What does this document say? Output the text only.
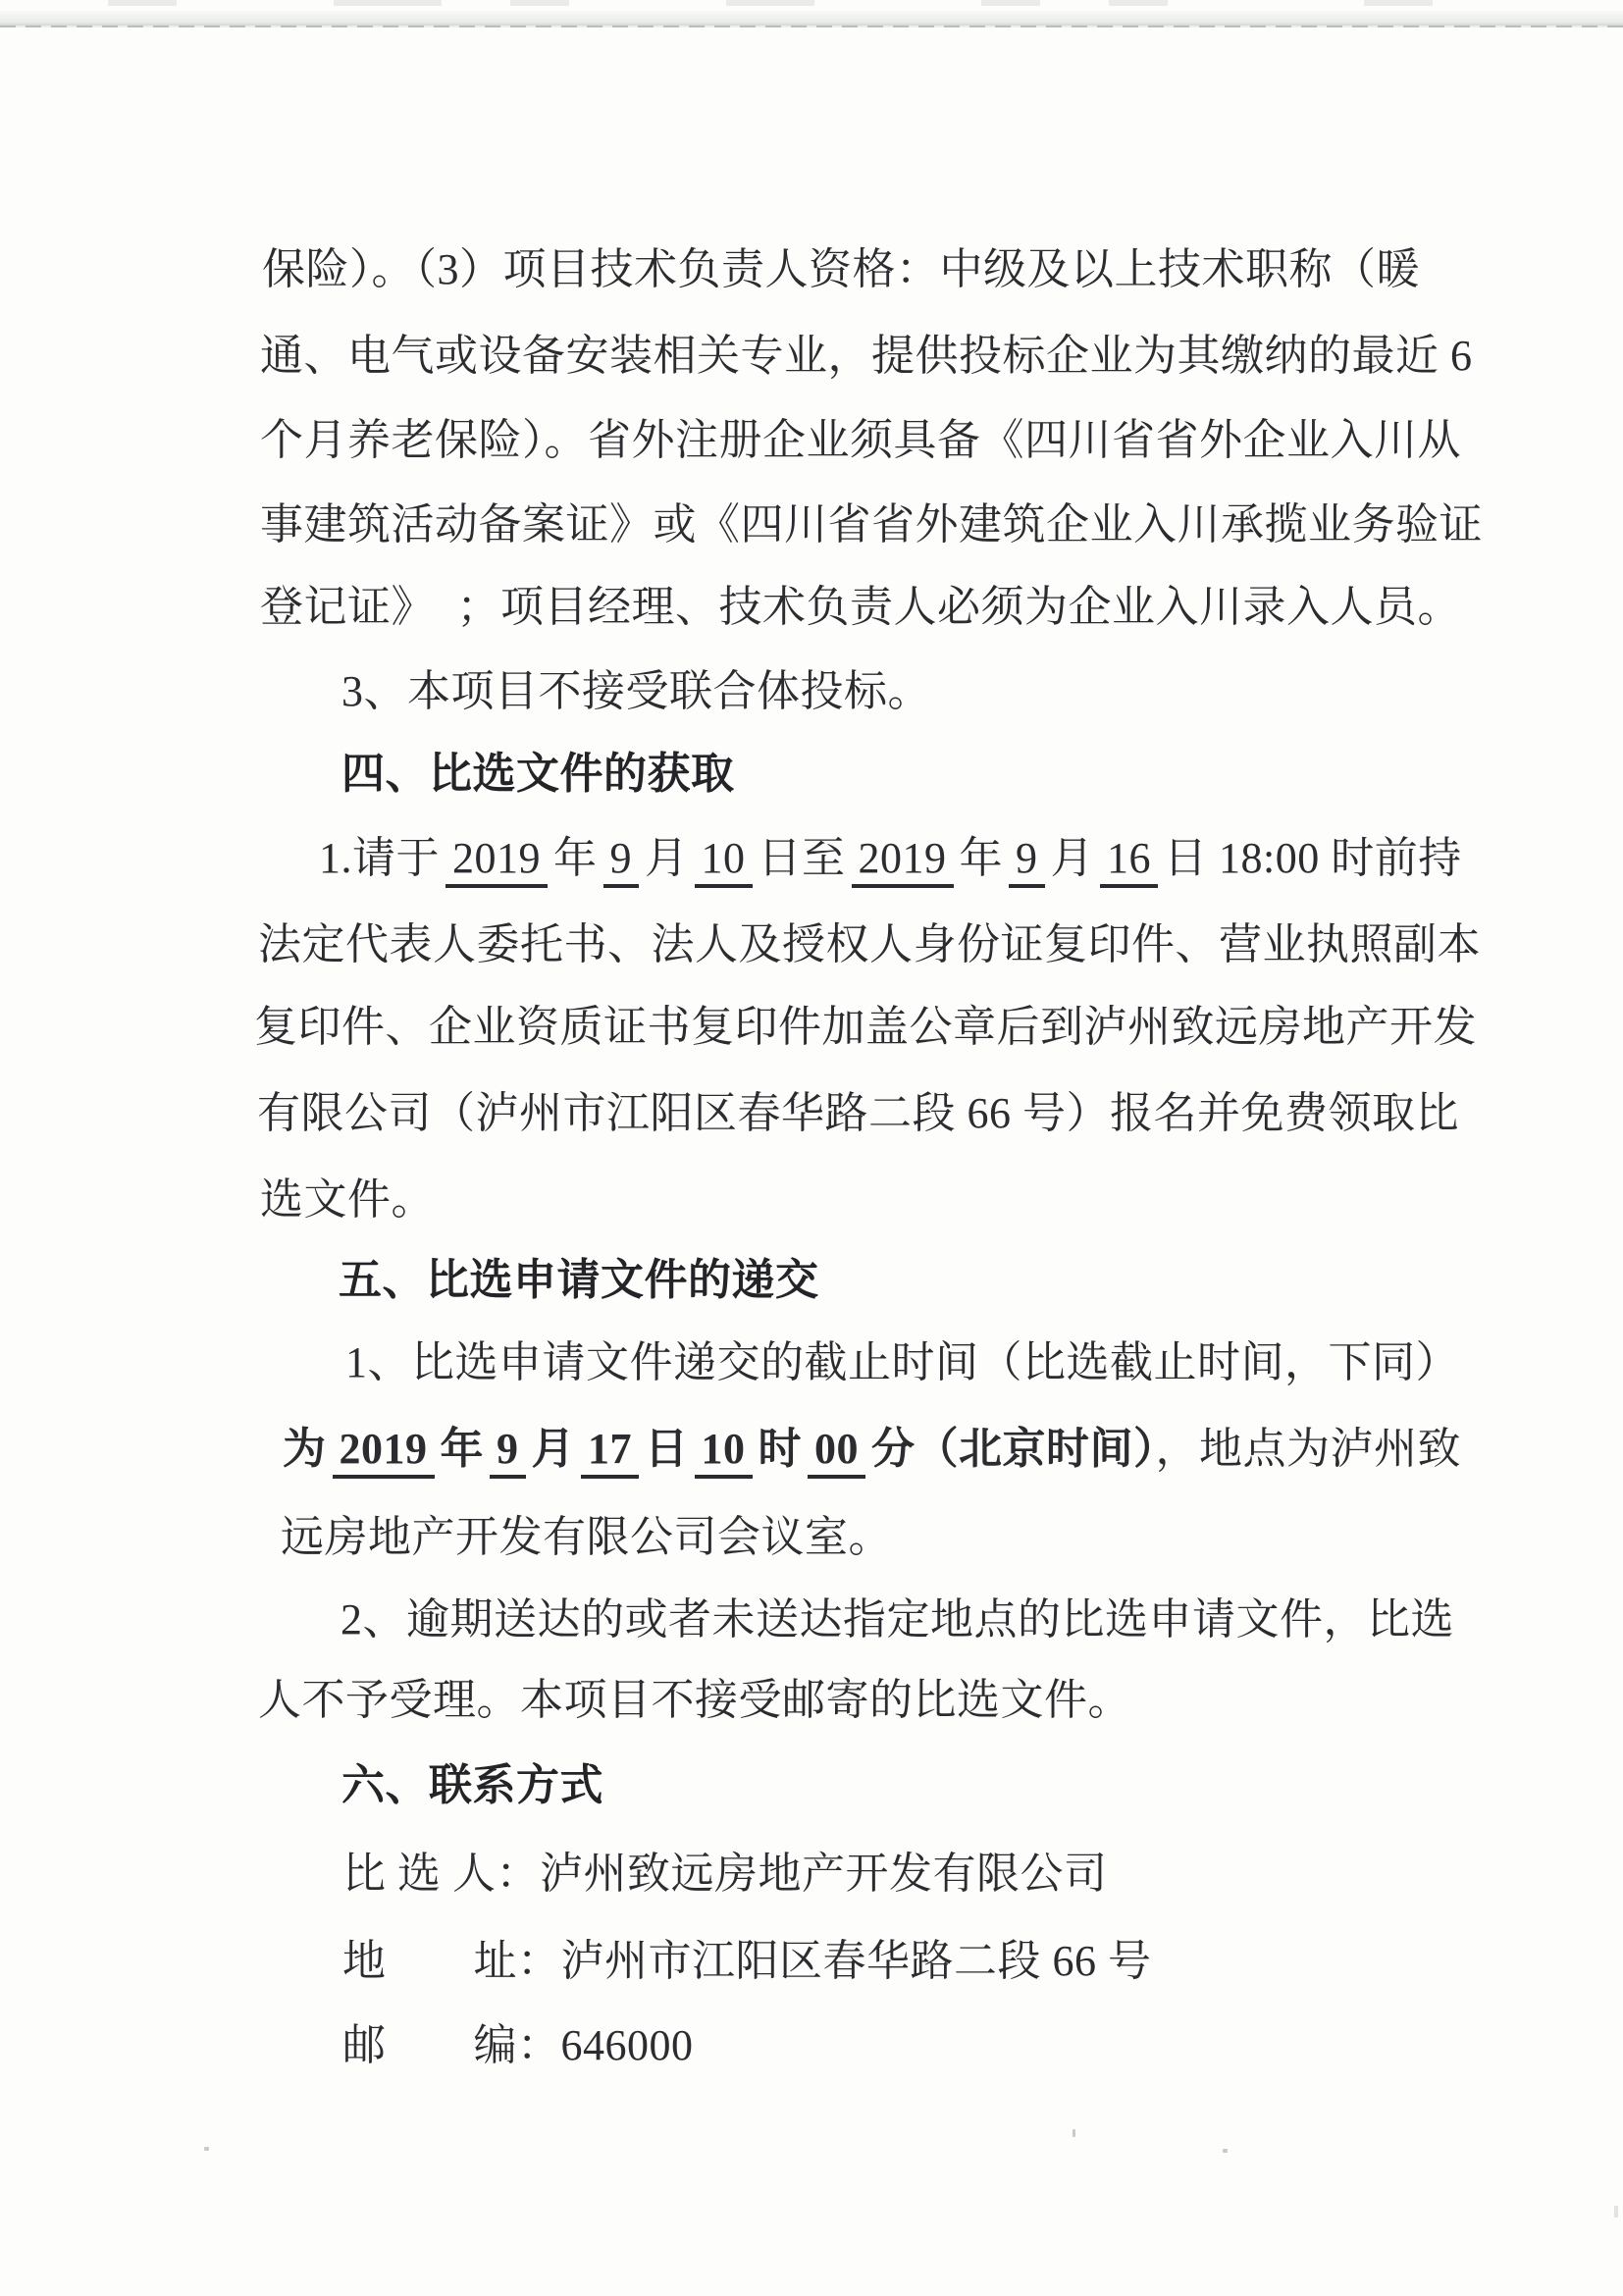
保险）。（3）项目技术负责人资格：中级及以上技术职称（暖
通、电气或设备安装相关专业，提供投标企业为其缴纳的最近 6
个月养老保险）。省外注册企业须具备《四川省省外企业入川从
事建筑活动备案证》或《四川省省外建筑企业入川承揽业务验证
登记证》　；项目经理、技术负责人必须为企业入川录入人员。
3、本项目不接受联合体投标。
四、比选文件的获取
1.请于 2019 年 9 月 10 日至 2019 年 9 月 16 日 18:00 时前持
法定代表人委托书、法人及授权人身份证复印件、营业执照副本
复印件、企业资质证书复印件加盖公章后到泸州致远房地产开发
有限公司（泸州市江阳区春华路二段 66 号）报名并免费领取比
选文件。
五、比选申请文件的递交
1、比选申请文件递交的截止时间（比选截止时间，下同）
为 2019 年 9 月 17 日 10 时 00 分（北京时间），地点为泸州致
远房地产开发有限公司会议室。
2、逾期送达的或者未送达指定地点的比选申请文件，比选
人不予受理。本项目不接受邮寄的比选文件。
六、联系方式
比 选 人：泸州致远房地产开发有限公司
地　　址：泸州市江阳区春华路二段 66 号
邮　　编：646000
